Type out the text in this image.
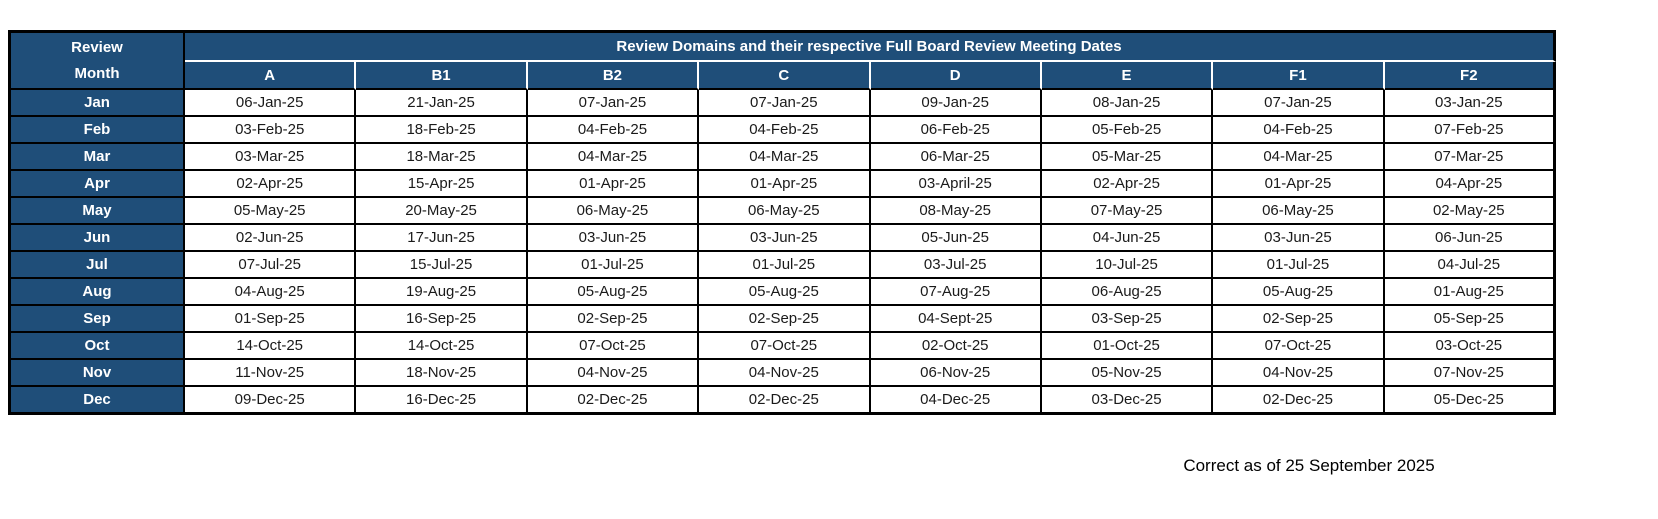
Review
Month	Review Domains and their respective Full Board Review Meeting Dates							
	A	B1	B2	C	D	E	F1	F2
Jan	06-Jan-25	21-Jan-25	07-Jan-25	07-Jan-25	09-Jan-25	08-Jan-25	07-Jan-25	03-Jan-25
Feb	03-Feb-25	18-Feb-25	04-Feb-25	04-Feb-25	06-Feb-25	05-Feb-25	04-Feb-25	07-Feb-25
Mar	03-Mar-25	18-Mar-25	04-Mar-25	04-Mar-25	06-Mar-25	05-Mar-25	04-Mar-25	07-Mar-25
Apr	02-Apr-25	15-Apr-25	01-Apr-25	01-Apr-25	03-April-25	02-Apr-25	01-Apr-25	04-Apr-25
May	05-May-25	20-May-25	06-May-25	06-May-25	08-May-25	07-May-25	06-May-25	02-May-25
Jun	02-Jun-25	17-Jun-25	03-Jun-25	03-Jun-25	05-Jun-25	04-Jun-25	03-Jun-25	06-Jun-25
Jul	07-Jul-25	15-Jul-25	01-Jul-25	01-Jul-25	03-Jul-25	10-Jul-25	01-Jul-25	04-Jul-25
Aug	04-Aug-25	19-Aug-25	05-Aug-25	05-Aug-25	07-Aug-25	06-Aug-25	05-Aug-25	01-Aug-25
Sep	01-Sep-25	16-Sep-25	02-Sep-25	02-Sep-25	04-Sept-25	03-Sep-25	02-Sep-25	05-Sep-25
Oct	14-Oct-25	14-Oct-25	07-Oct-25	07-Oct-25	02-Oct-25	01-Oct-25	07-Oct-25	03-Oct-25
Nov	11-Nov-25	18-Nov-25	04-Nov-25	04-Nov-25	06-Nov-25	05-Nov-25	04-Nov-25	07-Nov-25
Dec	09-Dec-25	16-Dec-25	02-Dec-25	02-Dec-25	04-Dec-25	03-Dec-25	02-Dec-25	05-Dec-25
Correct as of 25 September 2025
